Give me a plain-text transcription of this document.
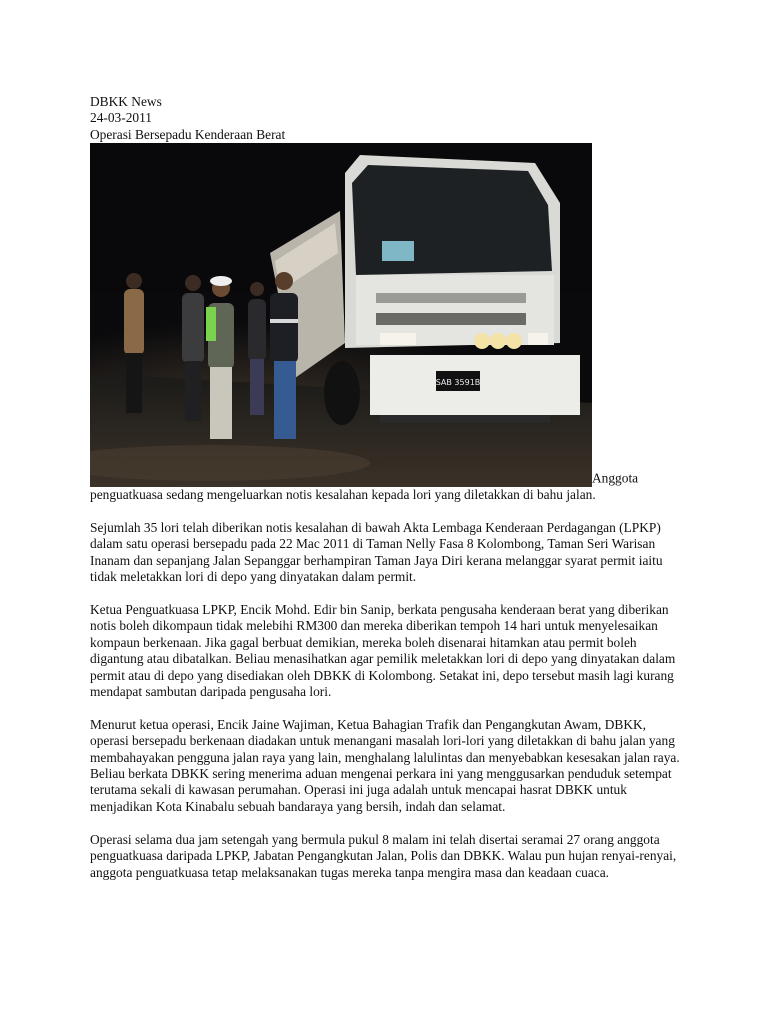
DBKK News
24-03-2011
Operasi Bersepadu Kenderaan Berat
SAB 3591B
Anggota penguatkuasa sedang mengeluarkan notis kesalahan kepada lori yang diletakkan di bahu jalan.

Sejumlah 35 lori telah diberikan notis kesalahan di bawah Akta Lembaga Kenderaan Perdagangan (LPKP) dalam satu operasi bersepadu pada 22 Mac 2011 di Taman Nelly Fasa 8 Kolombong, Taman Seri Warisan Inanam dan sepanjang Jalan Sepanggar berhampiran Taman Jaya Diri kerana melanggar syarat permit iaitu tidak meletakkan lori di depo yang dinyatakan dalam permit.

Ketua Penguatkuasa LPKP, Encik Mohd. Edir bin Sanip, berkata pengusaha kenderaan berat yang diberikan notis boleh dikompaun tidak melebihi RM300 dan mereka diberikan tempoh 14 hari untuk menyelesaikan kompaun berkenaan. Jika gagal berbuat demikian, mereka boleh disenarai hitamkan atau permit boleh digantung atau dibatalkan. Beliau menasihatkan agar pemilik meletakkan lori di depo yang dinyatakan dalam permit atau di depo yang disediakan oleh DBKK di Kolombong. Setakat ini, depo tersebut masih lagi kurang mendapat sambutan daripada pengusaha lori.

Menurut ketua operasi, Encik Jaine Wajiman, Ketua Bahagian Trafik dan Pengangkutan Awam, DBKK, operasi bersepadu berkenaan diadakan untuk menangani masalah lori-lori yang diletakkan di bahu jalan yang membahayakan pengguna jalan raya yang lain, menghalang lalulintas dan menyebabkan kesesakan jalan raya. Beliau berkata DBKK sering menerima aduan mengenai perkara ini yang menggusarkan penduduk setempat terutama sekali di kawasan perumahan. Operasi ini juga adalah untuk mencapai hasrat DBKK untuk menjadikan Kota Kinabalu sebuah bandaraya yang bersih, indah dan selamat.

Operasi selama dua jam setengah yang bermula pukul 8 malam ini telah disertai seramai 27 orang anggota penguatkuasa daripada LPKP, Jabatan Pengangkutan Jalan, Polis dan DBKK. Walau pun hujan renyai-renyai, anggota penguatkuasa tetap melaksanakan tugas mereka tanpa mengira masa dan keadaan cuaca.
